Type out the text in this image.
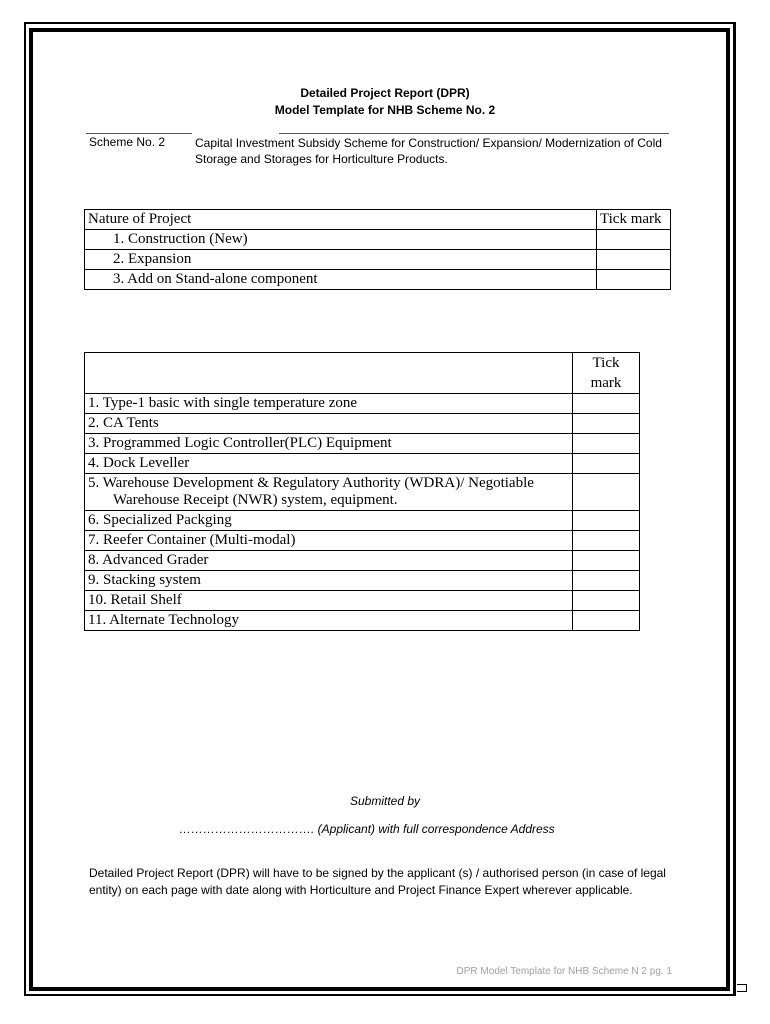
Detailed Project Report (DPR)
Model Template for NHB Scheme No. 2
Scheme No. 2 Capital Investment Subsidy Scheme for Construction/ Expansion/ Modernization of Cold Storage and Storages for Horticulture Products.
Nature of Project	Tick mark
1. Construction (New)	
2. Expansion	
3. Add on Stand-alone component	

	Tick
mark

1. Type-1 basic with single temperature zone	
2. CA Tents	
3. Programmed Logic Controller(PLC) Equipment	
4. Dock Leveller	

5. Warehouse Development & Regulatory Authority (WDRA)/ Negotiable
Warehouse Receipt (NWR) system, equipment.	

6. Specialized Packging	
7. Reefer Container (Multi-modal)	
8. Advanced Grader	
9. Stacking system	
10. Retail Shelf	
11. Alternate Technology	
Submitted by
……………………………. (Applicant) with full correspondence Address
Detailed Project Report (DPR) will have to be signed by the applicant (s) / authorised person (in case of legal entity) on each page with date along with Horticulture and Project Finance Expert wherever applicable.
DPR Model Template for NHB Scheme N 2 pg. 1
